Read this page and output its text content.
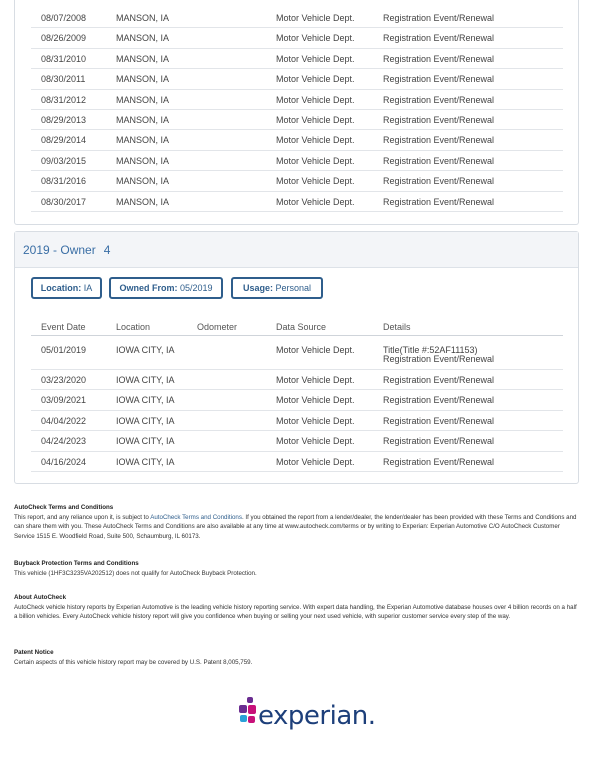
08/07/2008	MANSON, IA	Motor Vehicle Dept.	Registration Event/Renewal
08/26/2009	MANSON, IA	Motor Vehicle Dept.	Registration Event/Renewal
08/31/2010	MANSON, IA	Motor Vehicle Dept.	Registration Event/Renewal
08/30/2011	MANSON, IA	Motor Vehicle Dept.	Registration Event/Renewal
08/31/2012	MANSON, IA	Motor Vehicle Dept.	Registration Event/Renewal
08/29/2013	MANSON, IA	Motor Vehicle Dept.	Registration Event/Renewal
08/29/2014	MANSON, IA	Motor Vehicle Dept.	Registration Event/Renewal
09/03/2015	MANSON, IA	Motor Vehicle Dept.	Registration Event/Renewal
08/31/2016	MANSON, IA	Motor Vehicle Dept.	Registration Event/Renewal
08/30/2017	MANSON, IA	Motor Vehicle Dept.	Registration Event/Renewal
2019 - Owner 4
Location: IA	Owned From: 05/2019	Usage: Personal
Event Date	Location	Odometer	Data Source	Details
05/01/2019	IOWA CITY, IA	Motor Vehicle Dept.	Title(Title #:52AF11153)
Registration Event/Renewal
03/23/2020	IOWA CITY, IA	Motor Vehicle Dept.	Registration Event/Renewal
03/09/2021	IOWA CITY, IA	Motor Vehicle Dept.	Registration Event/Renewal
04/04/2022	IOWA CITY, IA	Motor Vehicle Dept.	Registration Event/Renewal
04/24/2023	IOWA CITY, IA	Motor Vehicle Dept.	Registration Event/Renewal
04/16/2024	IOWA CITY, IA	Motor Vehicle Dept.	Registration Event/Renewal
AutoCheck Terms and Conditions
This report, and any reliance upon it, is subject to AutoCheck Terms and Conditions. If you obtained the report from a lender/dealer, the lender/dealer has been provided with these Terms and Conditions and can share them with you. These AutoCheck Terms and Conditions are also available at any time at www.autocheck.com/terms or by writing to Experian: Experian Automotive C/O AutoCheck Customer Service 1515 E. Woodfield Road, Suite 500, Schaumburg, IL 60173.
Buyback Protection Terms and Conditions
This vehicle (1HF3C3235VA202512) does not qualify for AutoCheck Buyback Protection.
About AutoCheck
AutoCheck vehicle history reports by Experian Automotive is the leading vehicle history reporting service. With expert data handling, the Experian Automotive database houses over 4 billion records on a half a billion vehicles. Every AutoCheck vehicle history report will give you confidence when buying or selling your next used vehicle, with superior customer service every step of the way.
Patent Notice
Certain aspects of this vehicle history report may be covered by U.S. Patent 8,005,759.
experian.
